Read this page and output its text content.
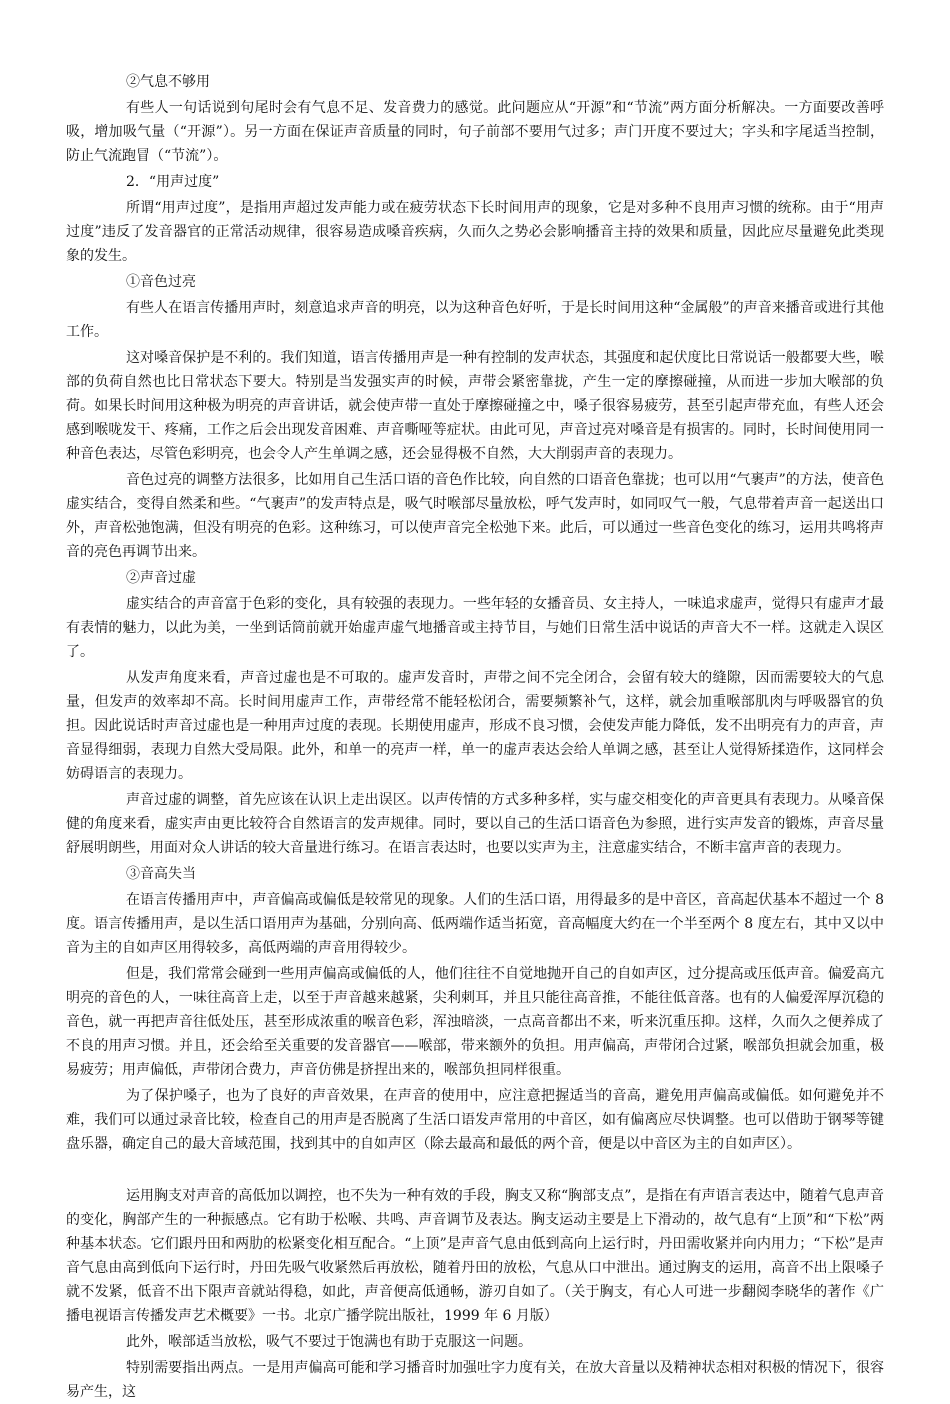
②气息不够用

有些人一句话说到句尾时会有气息不足、发音费力的感觉。此问题应从“开源”和“节流”两方面分析解决。一方面要改善呼吸，增加吸气量（“开源”）。另一方面在保证声音质量的同时，句子前部不要用气过多；声门开度不要过大；字头和字尾适当控制，防止气流跑冒（“节流”）。

2．“用声过度”

所谓“用声过度”，是指用声超过发声能力或在疲劳状态下长时间用声的现象，它是对多种不良用声习惯的统称。由于“用声过度”违反了发音器官的正常活动规律，很容易造成嗓音疾病，久而久之势必会影响播音主持的效果和质量，因此应尽量避免此类现象的发生。

①音色过亮

有些人在语言传播用声时，刻意追求声音的明亮，以为这种音色好听，于是长时间用这种“金属般”的声音来播音或进行其他工作。

这对嗓音保护是不利的。我们知道，语言传播用声是一种有控制的发声状态，其强度和起伏度比日常说话一般都要大些，喉部的负荷自然也比日常状态下要大。特别是当发强实声的时候，声带会紧密靠拢，产生一定的摩擦碰撞，从而进一步加大喉部的负荷。如果长时间用这种极为明亮的声音讲话，就会使声带一直处于摩擦碰撞之中，嗓子很容易疲劳，甚至引起声带充血，有些人还会感到喉咙发干、疼痛，工作之后会出现发音困难、声音嘶哑等症状。由此可见，声音过亮对嗓音是有损害的。同时，长时间使用同一种音色表达，尽管色彩明亮，也会令人产生单调之感，还会显得极不自然，大大削弱声音的表现力。

音色过亮的调整方法很多，比如用自己生活口语的音色作比较，向自然的口语音色靠拢；也可以用“气裹声”的方法，使音色虚实结合，变得自然柔和些。“气裹声”的发声特点是，吸气时喉部尽量放松，呼气发声时，如同叹气一般，气息带着声音一起送出口外，声音松弛饱满，但没有明亮的色彩。这种练习，可以使声音完全松弛下来。此后，可以通过一些音色变化的练习，运用共鸣将声音的亮色再调节出来。

②声音过虚

虚实结合的声音富于色彩的变化，具有较强的表现力。一些年轻的女播音员、女主持人，一味追求虚声，觉得只有虚声才最有表情的魅力，以此为美，一坐到话筒前就开始虚声虚气地播音或主持节目，与她们日常生活中说话的声音大不一样。这就走入误区了。

从发声角度来看，声音过虚也是不可取的。虚声发音时，声带之间不完全闭合，会留有较大的缝隙，因而需要较大的气息量，但发声的效率却不高。长时间用虚声工作，声带经常不能轻松闭合，需要频繁补气，这样，就会加重喉部肌肉与呼吸器官的负担。因此说话时声音过虚也是一种用声过度的表现。长期使用虚声，形成不良习惯，会使发声能力降低，发不出明亮有力的声音，声音显得细弱，表现力自然大受局限。此外，和单一的亮声一样，单一的虚声表达会给人单调之感，甚至让人觉得矫揉造作，这同样会妨碍语言的表现力。

声音过虚的调整，首先应该在认识上走出误区。以声传情的方式多种多样，实与虚交相变化的声音更具有表现力。从嗓音保健的角度来看，虚实声由更比较符合自然语言的发声规律。同时，要以自己的生活口语音色为参照，进行实声发音的锻炼，声音尽量舒展明朗些，用面对众人讲话的较大音量进行练习。在语言表达时，也要以实声为主，注意虚实结合，不断丰富声音的表现力。

③音高失当

在语言传播用声中，声音偏高或偏低是较常见的现象。人们的生活口语，用得最多的是中音区，音高起伏基本不超过一个 8 度。语言传播用声，是以生活口语用声为基础，分别向高、低两端作适当拓宽，音高幅度大约在一个半至两个 8 度左右，其中又以中音为主的自如声区用得较多，高低两端的声音用得较少。

但是，我们常常会碰到一些用声偏高或偏低的人，他们往往不自觉地抛开自己的自如声区，过分提高或压低声音。偏爱高亢明亮的音色的人，一味往高音上走，以至于声音越来越紧，尖利刺耳，并且只能往高音推，不能往低音落。也有的人偏爱浑厚沉稳的音色，就一再把声音往低处压，甚至形成浓重的喉音色彩，浑浊暗淡，一点高音都出不来，听来沉重压抑。这样，久而久之便养成了不良的用声习惯。并且，还会给至关重要的发音器官——喉部，带来额外的负担。用声偏高，声带闭合过紧，喉部负担就会加重，极易疲劳；用声偏低，声带闭合费力，声音仿佛是挤捏出来的，喉部负担同样很重。

为了保护嗓子，也为了良好的声音效果，在声音的使用中，应注意把握适当的音高，避免用声偏高或偏低。如何避免并不难，我们可以通过录音比较，检查自己的用声是否脱离了生活口语发声常用的中音区，如有偏离应尽快调整。也可以借助于钢琴等键盘乐器，确定自己的最大音域范围，找到其中的自如声区（除去最高和最低的两个音，便是以中音区为主的自如声区）。

运用胸支对声音的高低加以调控，也不失为一种有效的手段，胸支又称“胸部支点”，是指在有声语言表达中，随着气息声音的变化，胸部产生的一种振感点。它有助于松喉、共鸣、声音调节及表达。胸支运动主要是上下滑动的，故气息有“上顶”和“下松”两种基本状态。它们跟丹田和两肋的松紧变化相互配合。“上顶”是声音气息由低到高向上运行时，丹田需收紧并向内用力；“下松”是声音气息由高到低向下运行时，丹田先吸气收紧然后再放松，随着丹田的放松，气息从口中泄出。通过胸支的运用，高音不出上限嗓子就不发紧，低音不出下限声音就站得稳，如此，声音便高低通畅，游刃自如了。（关于胸支，有心人可进一步翻阅李晓华的著作《广播电视语言传播发声艺术概要》一书。北京广播学院出版社，1999 年 6 月版）

此外，喉部适当放松，吸气不要过于饱满也有助于克服这一问题。

特别需要指出两点。一是用声偏高可能和学习播音时加强吐字力度有关，在放大音量以及精神状态相对积极的情况下，很容易产生，这
